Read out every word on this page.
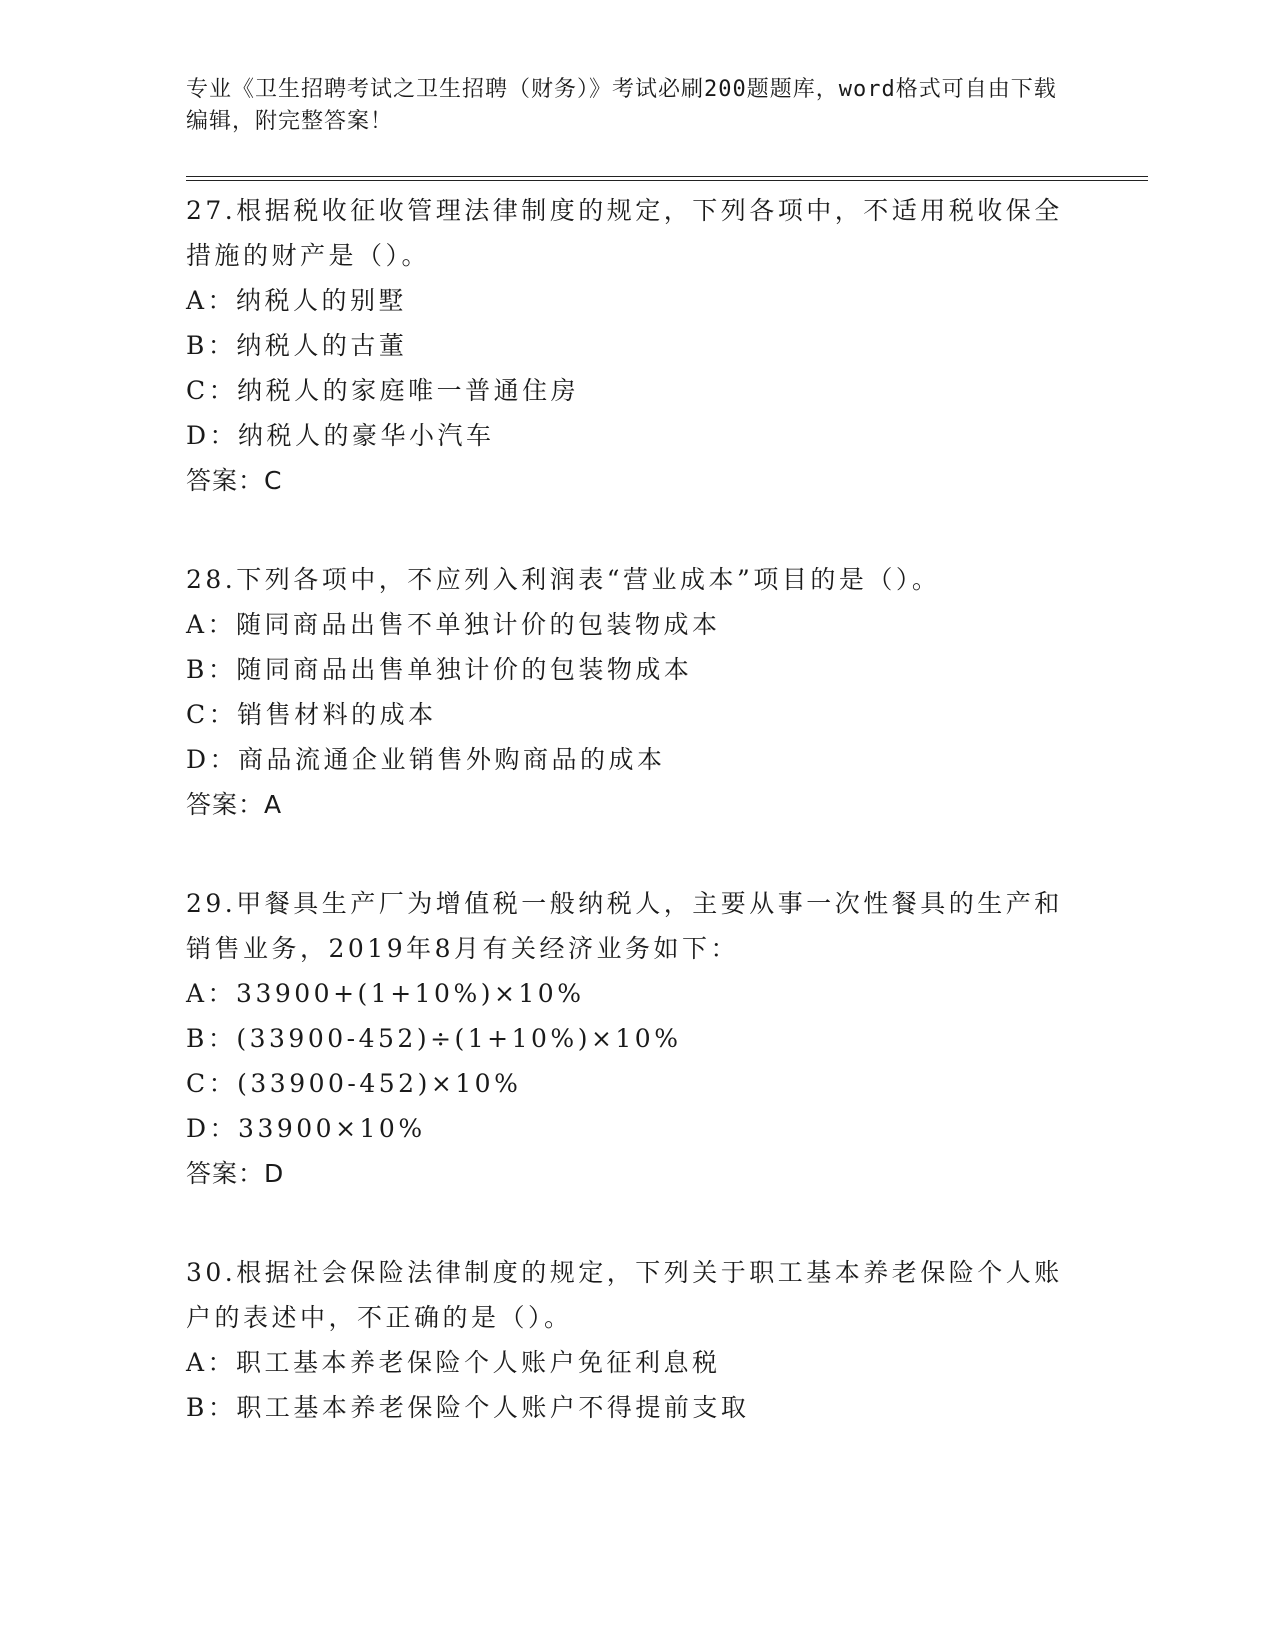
专业《卫生招聘考试之卫生招聘（财务）》考试必刷200题题库，word格式可自由下载编辑，附完整答案！

27.根据税收征收管理法律制度的规定，下列各项中，不适用税收保全措施的财产是（）。

A：纳税人的别墅

B：纳税人的古董

C：纳税人的家庭唯一普通住房

D：纳税人的豪华小汽车

答案：C

28.下列各项中，不应列入利润表“营业成本”项目的是（）。

A：随同商品出售不单独计价的包装物成本

B：随同商品出售单独计价的包装物成本

C：销售材料的成本

D：商品流通企业销售外购商品的成本

答案：A

29.甲餐具生产厂为增值税一般纳税人，主要从事一次性餐具的生产和销售业务，2019年8月有关经济业务如下：

A：33900+(1+10%)×10%

B：(33900-452)÷(1+10%)×10%

C：(33900-452)×10%

D：33900×10%

答案：D

30.根据社会保险法律制度的规定，下列关于职工基本养老保险个人账户的表述中，不正确的是（）。

A：职工基本养老保险个人账户免征利息税

B：职工基本养老保险个人账户不得提前支取
